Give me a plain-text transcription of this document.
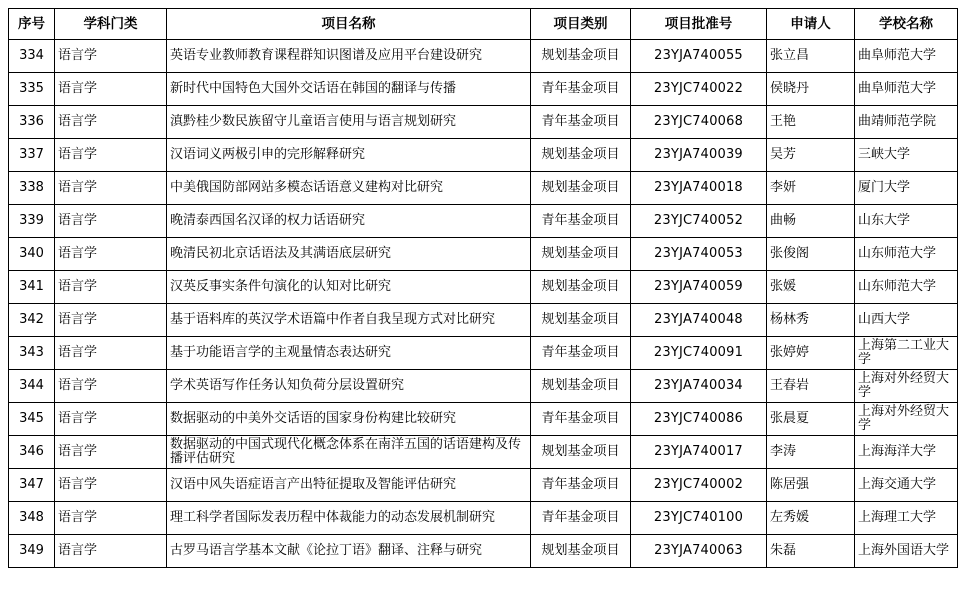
序号	学科门类	项目名称	项目类别	项目批准号	申请人	学校名称
334	语言学	英语专业教师教育课程群知识图谱及应用平台建设研究	规划基金项目	23YJA740055	张立昌	曲阜师范大学
335	语言学	新时代中国特色大国外交话语在韩国的翻译与传播	青年基金项目	23YJC740022	侯晓丹	曲阜师范大学
336	语言学	滇黔桂少数民族留守儿童语言使用与语言规划研究	青年基金项目	23YJC740068	王艳	曲靖师范学院
337	语言学	汉语词义两极引申的完形解释研究	规划基金项目	23YJA740039	吴芳	三峡大学
338	语言学	中美俄国防部网站多模态话语意义建构对比研究	规划基金项目	23YJA740018	李妍	厦门大学
339	语言学	晚清泰西国名汉译的权力话语研究	青年基金项目	23YJC740052	曲畅	山东大学
340	语言学	晚清民初北京话语法及其满语底层研究	规划基金项目	23YJA740053	张俊阁	山东师范大学
341	语言学	汉英反事实条件句演化的认知对比研究	规划基金项目	23YJA740059	张媛	山东师范大学
342	语言学	基于语料库的英汉学术语篇中作者自我呈现方式对比研究	规划基金项目	23YJA740048	杨林秀	山西大学
343	语言学	基于功能语言学的主观量情态表达研究	青年基金项目	23YJC740091	张婷婷	上海第二工业大学
344	语言学	学术英语写作任务认知负荷分层设置研究	规划基金项目	23YJA740034	王春岩	上海对外经贸大学
345	语言学	数据驱动的中美外交话语的国家身份构建比较研究	青年基金项目	23YJC740086	张晨夏	上海对外经贸大学
346	语言学	数据驱动的中国式现代化概念体系在南洋五国的话语建构及传播评估研究	规划基金项目	23YJA740017	李涛	上海海洋大学
347	语言学	汉语中风失语症语言产出特征提取及智能评估研究	青年基金项目	23YJC740002	陈居强	上海交通大学
348	语言学	理工科学者国际发表历程中体裁能力的动态发展机制研究	青年基金项目	23YJC740100	左秀媛	上海理工大学
349	语言学	古罗马语言学基本文献《论拉丁语》翻译、注释与研究	规划基金项目	23YJA740063	朱磊	上海外国语大学
